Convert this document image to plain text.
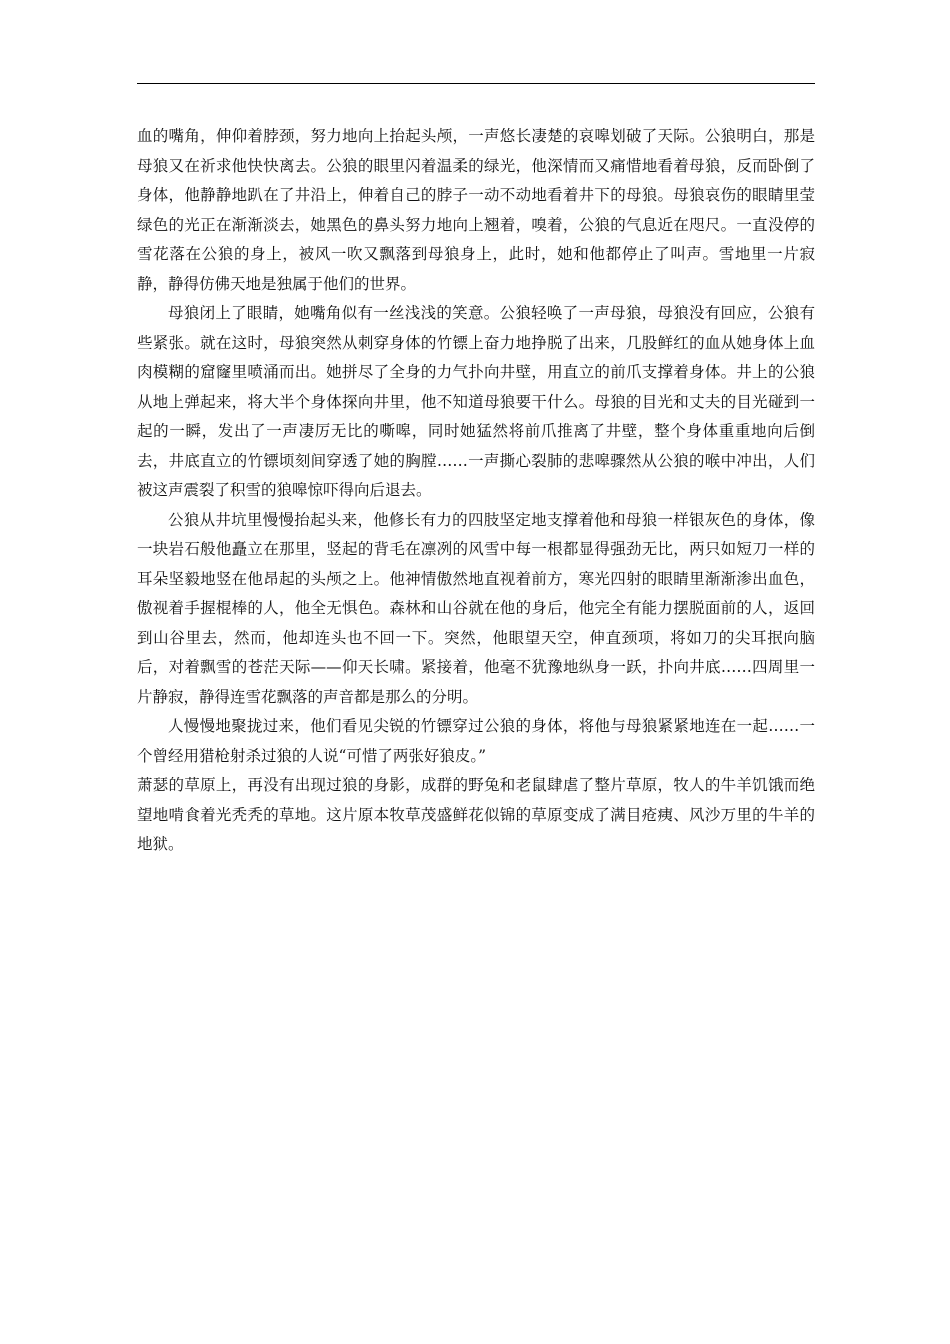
血的嘴角，伸仰着脖颈，努力地向上抬起头颅，一声悠长凄楚的哀嗥划破了天际。公狼明白，那是母狼又在祈求他快快离去。公狼的眼里闪着温柔的绿光，他深情而又痛惜地看着母狼，反而卧倒了身体，他静静地趴在了井沿上，伸着自己的脖子一动不动地看着井下的母狼。母狼哀伤的眼睛里莹绿色的光正在渐渐淡去，她黑色的鼻头努力地向上翘着，嗅着，公狼的气息近在咫尺。一直没停的雪花落在公狼的身上，被风一吹又飘落到母狼身上，此时，她和他都停止了叫声。雪地里一片寂静，静得仿佛天地是独属于他们的世界。

母狼闭上了眼睛，她嘴角似有一丝浅浅的笑意。公狼轻唤了一声母狼，母狼没有回应，公狼有些紧张。就在这时，母狼突然从刺穿身体的竹镖上奋力地挣脱了出来，几股鲜红的血从她身体上血肉模糊的窟窿里喷涌而出。她拼尽了全身的力气扑向井壁，用直立的前爪支撑着身体。井上的公狼从地上弹起来，将大半个身体探向井里，他不知道母狼要干什么。母狼的目光和丈夫的目光碰到一起的一瞬，发出了一声凄厉无比的嘶嗥，同时她猛然将前爪推离了井壁，整个身体重重地向后倒去，井底直立的竹镖顷刻间穿透了她的胸膛……一声撕心裂肺的悲嗥骤然从公狼的喉中冲出，人们被这声震裂了积雪的狼嗥惊吓得向后退去。

公狼从井坑里慢慢抬起头来，他修长有力的四肢坚定地支撑着他和母狼一样银灰色的身体，像一块岩石般他矗立在那里，竖起的背毛在凛冽的风雪中每一根都显得强劲无比，两只如短刀一样的耳朵坚毅地竖在他昂起的头颅之上。他神情傲然地直视着前方，寒光四射的眼睛里渐渐渗出血色，傲视着手握棍棒的人，他全无惧色。森林和山谷就在他的身后，他完全有能力摆脱面前的人，返回到山谷里去，然而，他却连头也不回一下。突然，他眼望天空，伸直颈项，将如刀的尖耳抿向脑后，对着飘雪的苍茫天际——仰天长啸。紧接着，他毫不犹豫地纵身一跃，扑向井底……四周里一片静寂，静得连雪花飘落的声音都是那么的分明。

人慢慢地聚拢过来，他们看见尖锐的竹镖穿过公狼的身体，将他与母狼紧紧地连在一起……一个曾经用猎枪射杀过狼的人说“可惜了两张好狼皮。”

萧瑟的草原上，再没有出现过狼的身影，成群的野兔和老鼠肆虐了整片草原，牧人的牛羊饥饿而绝望地啃食着光秃秃的草地。这片原本牧草茂盛鲜花似锦的草原变成了满目疮痍、风沙万里的牛羊的地狱。
